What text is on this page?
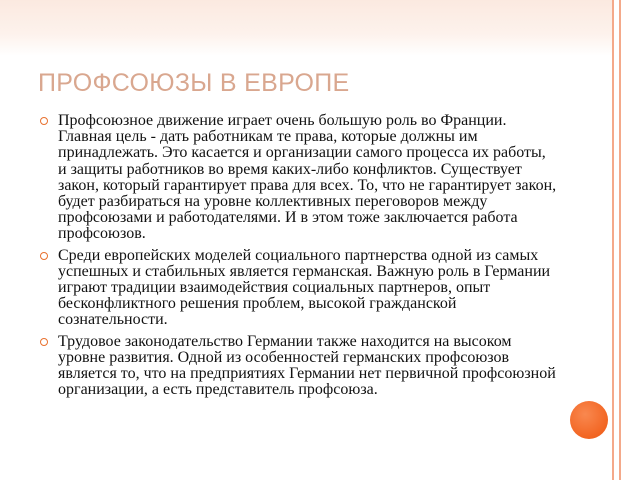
ПРОФСОЮЗЫ В ЕВРОПЕ
Профсоюзное движение играет очень большую роль во Франции. Главная цель - дать работникам те права, которые должны им принадлежать. Это касается и организации самого процесса их работы, и защиты работников во время каких-либо конфликтов. Существует закон, который гарантирует права для всех. То, что не гарантирует закон, будет разбираться на уровне коллективных переговоров между профсоюзами и работодателями. И в этом тоже заключается работа профсоюзов.
Среди европейских моделей социального партнерства одной из самых успешных и стабильных является германская. Важную роль в Германии играют традиции взаимодействия социальных партнеров, опыт бесконфликтного решения проблем, высокой гражданской сознательности.
Трудовое законодательство Германии также находится на высоком уровне развития. Одной из особенностей германских профсоюзов является то, что на предприятиях Германии нет первичной профсоюзной организации, а есть представитель профсоюза.
